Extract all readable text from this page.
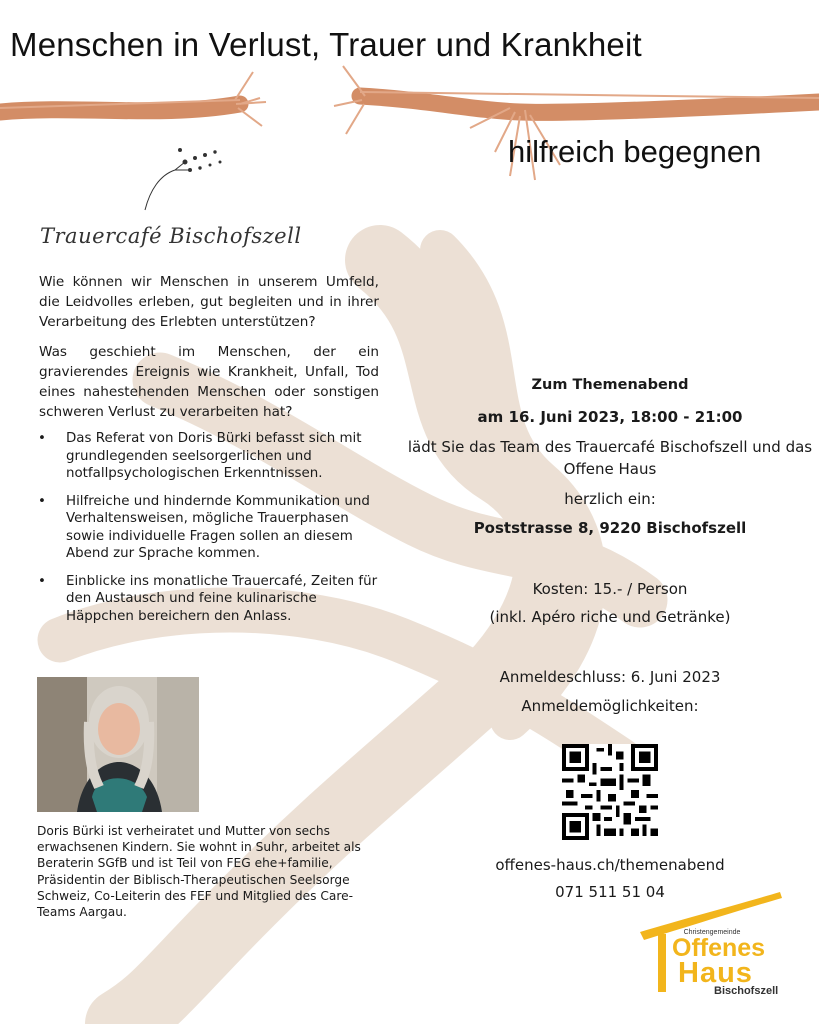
Menschen in Verlust, Trauer und Krankheit
hilfreich begegnen
Trauercafé Bischofszell
Wie können wir Menschen in unserem Umfeld, die Leidvolles erleben, gut begleiten und in ihrer Verarbeitung des Erlebten unterstützen?
Was geschieht im Menschen, der ein gravierendes Ereignis wie Krankheit, Unfall, Tod eines nahestehenden Menschen oder sonstigen schweren Verlust zu verarbeiten hat?
• Das Referat von Doris Bürki befasst sich mit grundlegenden seelsorgerlichen und notfallpsychologischen Erkenntnissen.
• Hilfreiche und hindernde Kommunikation und Verhaltensweisen, mögliche Trauerphasen sowie individuelle Fragen sollen an diesem Abend zur Sprache kommen.
• Einblicke ins monatliche Trauercafé, Zeiten für den Austausch und feine kulinarische Häppchen bereichern den Anlass.
Doris Bürki ist verheiratet und Mutter von sechs erwachsenen Kindern. Sie wohnt in Suhr, arbeitet als Beraterin SGfB und ist Teil von FEG ehe+familie, Präsidentin der Biblisch-Therapeutischen Seelsorge Schweiz, Co-Leiterin des FEF und Mitglied des Care-Teams Aargau.
Zum Themenabend
am 16. Juni 2023, 18:00 - 21:00
lädt Sie das Team des Trauercafé Bischofszell und das Offene Haus
herzlich ein:
Poststrasse 8, 9220 Bischofszell
Kosten: 15.- / Person
(inkl. Apéro riche und Getränke)
Anmeldeschluss: 6. Juni 2023
Anmeldemöglichkeiten:
offenes-haus.ch/themenabend
071 511 51 04
Christengemeinde
Offenes
Haus
Bischofszell
